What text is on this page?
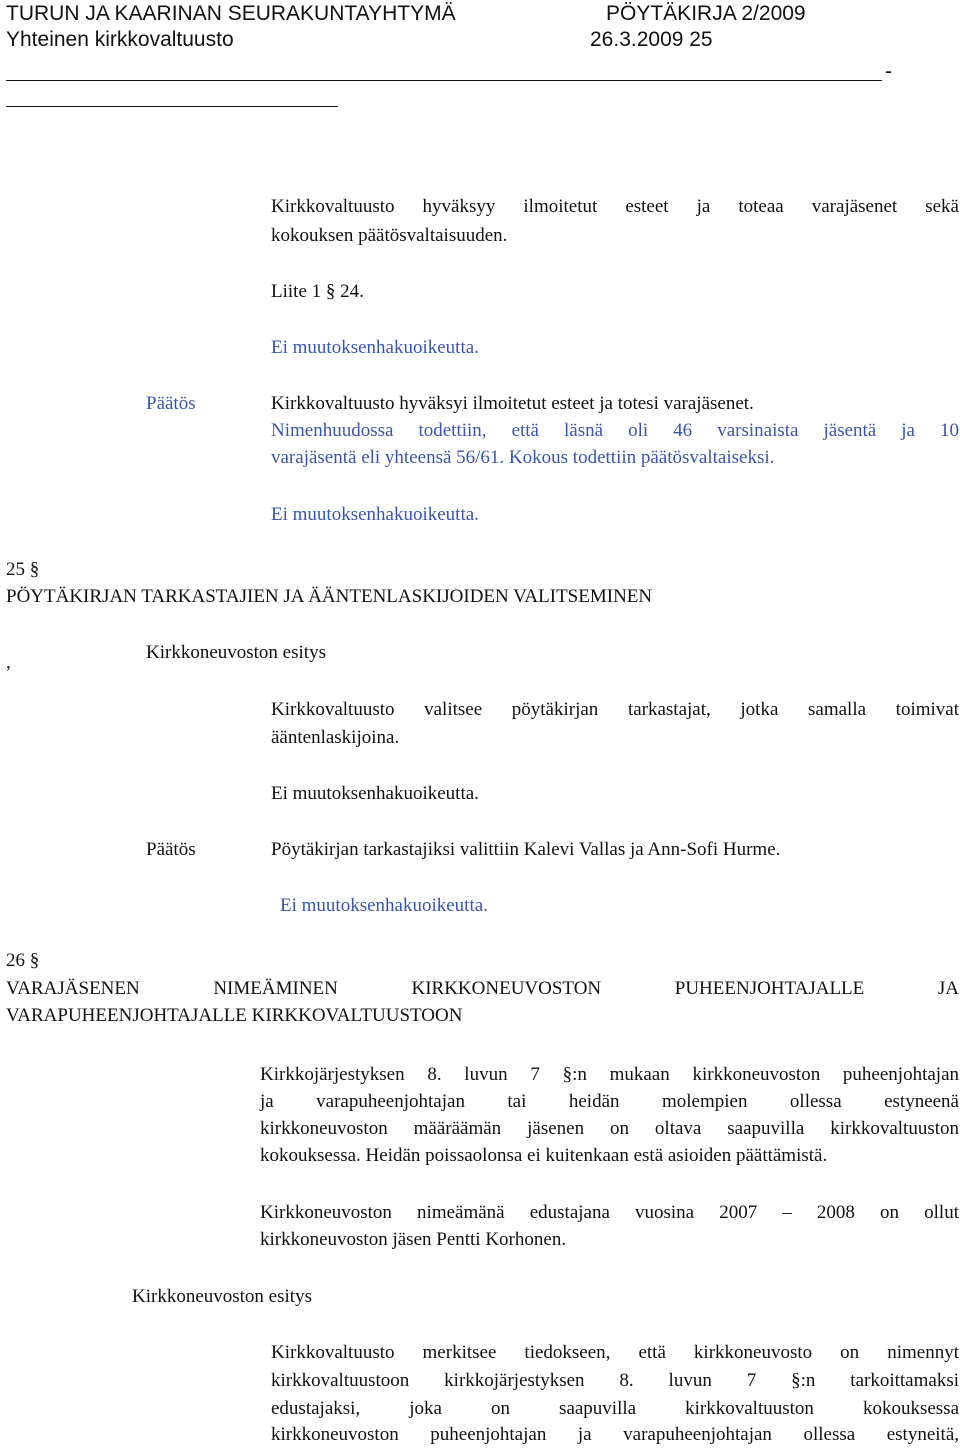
TURUN JA KAARINAN SEURAKUNTAYHTYMÄ	PÖYTÄKIRJA 2/2009
Yhteinen kirkkovaltuusto	26.3.2009 25
-
Kirkkovaltuusto hyväksyy ilmoitetut esteet ja toteaa varajäsenet sekä
kokouksen päätösvaltaisuuden.
Liite 1 § 24.
Ei muutoksenhakuoikeutta.
Päätös	Kirkkovaltuusto hyväksyi ilmoitetut esteet ja totesi varajäsenet.
Nimenhuudossa todettiin, että läsnä oli 46 varsinaista jäsentä ja 10
varajäsentä eli yhteensä 56/61. Kokous todettiin päätösvaltaiseksi.
Ei muutoksenhakuoikeutta.
25 §
PÖYTÄKIRJAN TARKASTAJIEN JA ÄÄNTENLASKIJOIDEN VALITSEMINEN
,	Kirkkoneuvoston esitys
Kirkkovaltuusto valitsee pöytäkirjan tarkastajat, jotka samalla toimivat
ääntenlaskijoina.
Ei muutoksenhakuoikeutta.
Päätös	Pöytäkirjan tarkastajiksi valittiin Kalevi Vallas ja Ann-Sofi Hurme.
Ei muutoksenhakuoikeutta.
26 §
VARAJÄSENEN NIMEÄMINEN KIRKKONEUVOSTON PUHEENJOHTAJALLE JA
VARAPUHEENJOHTAJALLE KIRKKOVALTUUSTOON
Kirkkojärjestyksen 8. luvun 7 §:n mukaan kirkkoneuvoston puheenjohtajan
ja varapuheenjohtajan tai heidän molempien ollessa estyneenä
kirkkoneuvoston määräämän jäsenen on oltava saapuvilla kirkkovaltuuston
kokouksessa. Heidän poissaolonsa ei kuitenkaan estä asioiden päättämistä.
Kirkkoneuvoston nimeämänä edustajana vuosina 2007 – 2008 on ollut
kirkkoneuvoston jäsen Pentti Korhonen.
Kirkkoneuvoston esitys
Kirkkovaltuusto merkitsee tiedokseen, että kirkkoneuvosto on nimennyt
kirkkovaltuustoon kirkkojärjestyksen 8. luvun 7 §:n tarkoittamaksi
edustajaksi, joka on saapuvilla kirkkovaltuuston kokouksessa
kirkkoneuvoston puheenjohtajan ja varapuheenjohtajan ollessa estyneitä,
